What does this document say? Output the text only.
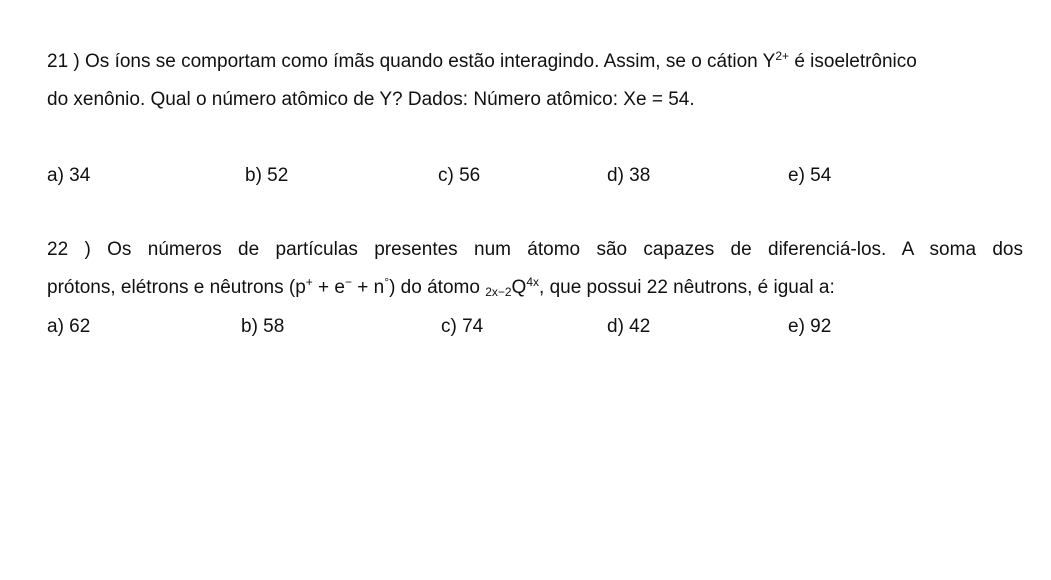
21 ) Os íons se comportam como ímãs quando estão interagindo. Assim, se o cátion $Y^{2+}$ é isoeletrônico
do xenônio. Qual o número atômico de Y? Dados: Número atômico: Xe = 54.
a) 34	b) 52	c) 56	d) 38	e) 54
22 ) Os números de partículas presentes num átomo são capazes de diferenciá-los. A soma dos
prótons, elétrons e nêutrons (p+ + e− + n°) do átomo $_{2x-2}Q^{4x}$, que possui 22 nêutrons, é igual a:
a) 62	b) 58	c) 74	d) 42	e) 92
